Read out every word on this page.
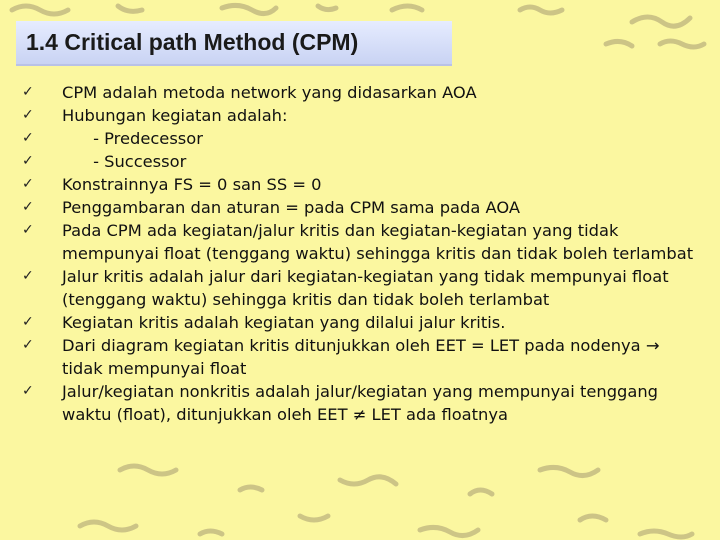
1.4 Critical path Method (CPM)
✓	CPM adalah metoda network yang didasarkan AOA
✓	Hubungan kegiatan adalah:
✓	- Predecessor
✓	- Successor
✓	Konstrainnya FS = 0 san SS = 0
✓	Penggambaran dan aturan = pada CPM sama pada AOA
✓	Pada CPM ada kegiatan/jalur kritis dan kegiatan-kegiatan yang tidak mempunyai float (tenggang waktu) sehingga kritis dan tidak boleh terlambat
✓	Jalur kritis adalah jalur dari kegiatan-kegiatan yang tidak mempunyai float (tenggang waktu) sehingga kritis dan tidak boleh terlambat
✓	Kegiatan kritis adalah kegiatan yang dilalui jalur kritis.
✓	Dari diagram kegiatan kritis ditunjukkan oleh EET = LET pada nodenya → tidak mempunyai float
✓	Jalur/kegiatan nonkritis adalah jalur/kegiatan yang mempunyai tenggang waktu (float), ditunjukkan oleh EET ≠ LET ada floatnya
